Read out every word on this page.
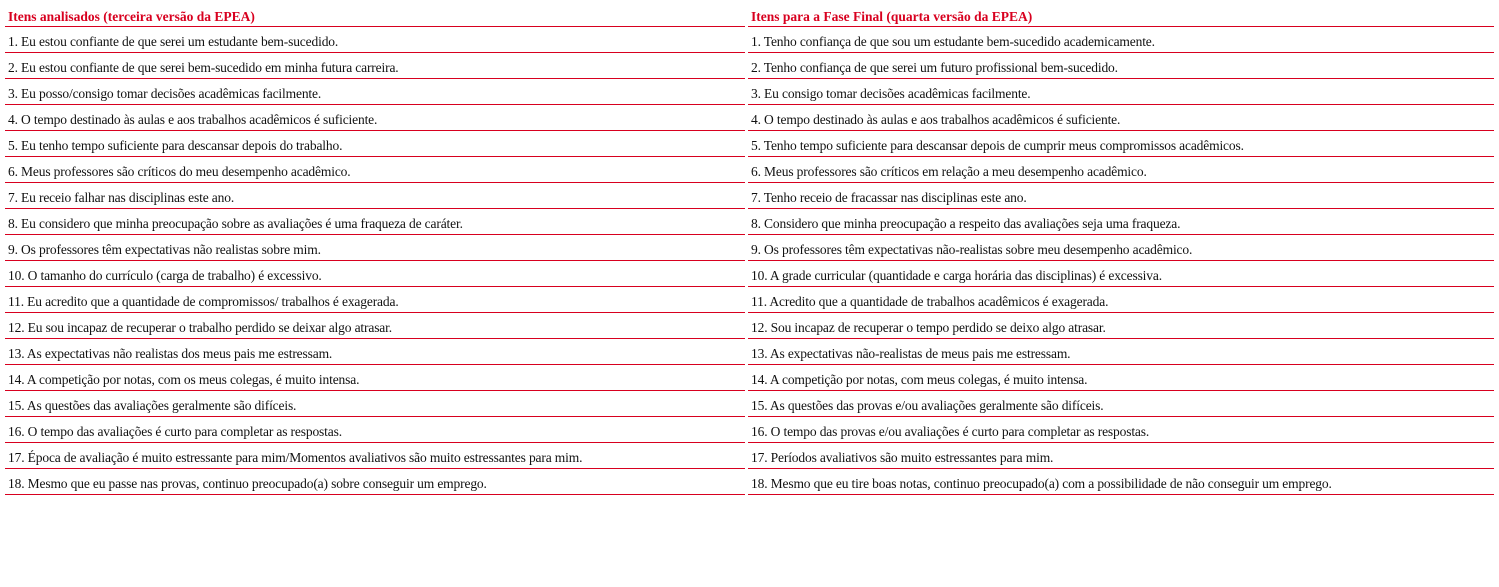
Itens analisados (terceira versão da EPEA)
1. Eu estou confiante de que serei um estudante bem-sucedido.
2. Eu estou confiante de que serei bem-sucedido em minha futura carreira.
3. Eu posso/consigo tomar decisões acadêmicas facilmente.
4. O tempo destinado às aulas e aos trabalhos acadêmicos é suficiente.
5. Eu tenho tempo suficiente para descansar depois do trabalho.
6. Meus professores são críticos do meu desempenho acadêmico.
7. Eu receio falhar nas disciplinas este ano.
8. Eu considero que minha preocupação sobre as avaliações é uma fraqueza de caráter.
9. Os professores têm expectativas não realistas sobre mim.
10. O tamanho do currículo (carga de trabalho) é excessivo.
11. Eu acredito que a quantidade de compromissos/ trabalhos é exagerada.
12. Eu sou incapaz de recuperar o trabalho perdido se deixar algo atrasar.
13. As expectativas não realistas dos meus pais me estressam.
14. A competição por notas, com os meus colegas, é muito intensa.
15. As questões das avaliações geralmente são difíceis.
16. O tempo das avaliações é curto para completar as respostas.
17. Época de avaliação é muito estressante para mim/Momentos avaliativos são muito estressantes para mim.
18. Mesmo que eu passe nas provas, continuo preocupado(a) sobre conseguir um emprego.
Itens para a Fase Final (quarta versão da EPEA)
1. Tenho confiança de que sou um estudante bem-sucedido academicamente.
2. Tenho confiança de que serei um futuro profissional bem-sucedido.
3. Eu consigo tomar decisões acadêmicas facilmente.
4. O tempo destinado às aulas e aos trabalhos acadêmicos é suficiente.
5. Tenho tempo suficiente para descansar depois de cumprir meus compromissos acadêmicos.
6. Meus professores são críticos em relação a meu desempenho acadêmico.
7. Tenho receio de fracassar nas disciplinas este ano.
8. Considero que minha preocupação a respeito das avaliações seja uma fraqueza.
9. Os professores têm expectativas não-realistas sobre meu desempenho acadêmico.
10. A grade curricular (quantidade e carga horária das disciplinas) é excessiva.
11. Acredito que a quantidade de trabalhos acadêmicos é exagerada.
12. Sou incapaz de recuperar o tempo perdido se deixo algo atrasar.
13. As expectativas não-realistas de meus pais me estressam.
14. A competição por notas, com meus colegas, é muito intensa.
15. As questões das provas e/ou avaliações geralmente são difíceis.
16. O tempo das provas e/ou avaliações é curto para completar as respostas.
17. Períodos avaliativos são muito estressantes para mim.
18. Mesmo que eu tire boas notas, continuo preocupado(a) com a possibilidade de não conseguir um emprego.
